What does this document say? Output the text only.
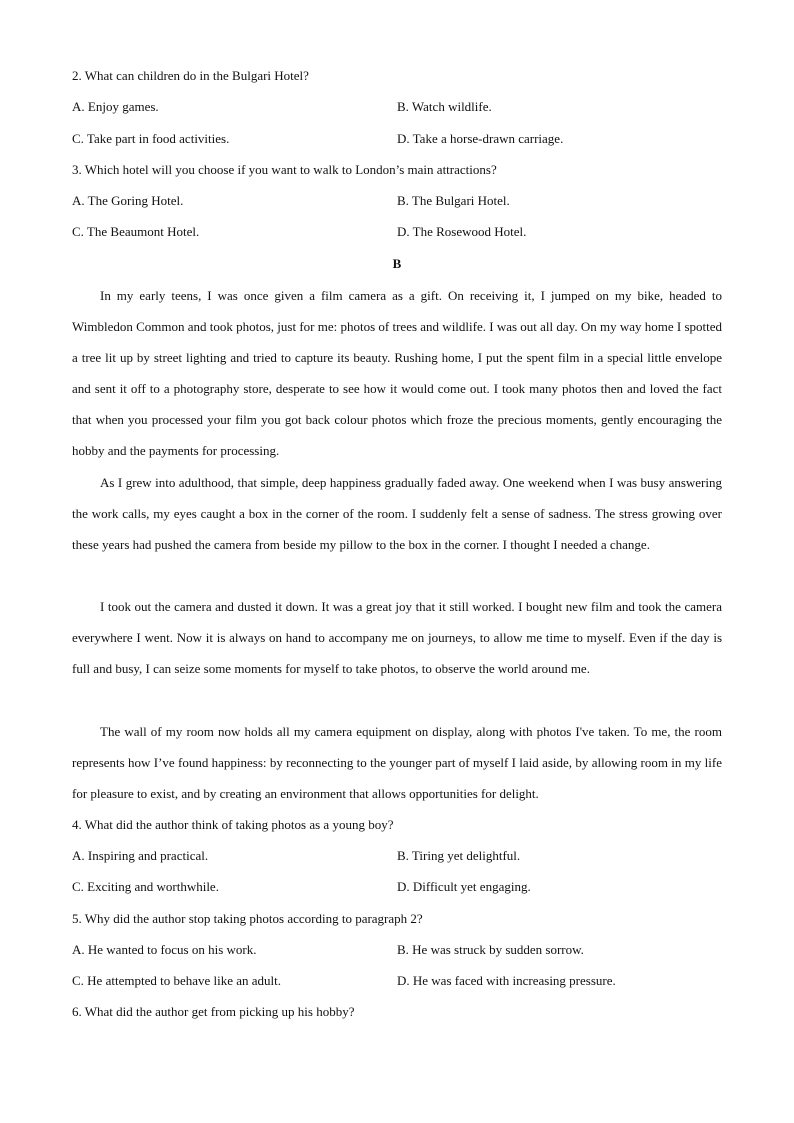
2. What can children do in the Bulgari Hotel?
A. Enjoy games.	B. Watch wildlife.
C. Take part in food activities.	D. Take a horse-drawn carriage.
3. Which hotel will you choose if you want to walk to London’s main attractions?
A. The Goring Hotel.	B. The Bulgari Hotel.
C. The Beaumont Hotel.	D. The Rosewood Hotel.
B

In my early teens, I was once given a film camera as a gift. On receiving it, I jumped on my bike, headed to Wimbledon Common and took photos, just for me: photos of trees and wildlife. I was out all day. On my way home I spotted a tree lit up by street lighting and tried to capture its beauty. Rushing home, I put the spent film in a special little envelope and sent it off to a photography store, desperate to see how it would come out. I took many photos then and loved the fact that when you processed your film you got back colour photos which froze the precious moments, gently encouraging the hobby and the payments for processing.

As I grew into adulthood, that simple, deep happiness gradually faded away. One weekend when I was busy answering the work calls, my eyes caught a box in the corner of the room. I suddenly felt a sense of sadness. The stress growing over these years had pushed the camera from beside my pillow to the box in the corner. I thought I needed a change.

I took out the camera and dusted it down. It was a great joy that it still worked. I bought new film and took the camera everywhere I went. Now it is always on hand to accompany me on journeys, to allow me time to myself. Even if the day is full and busy, I can seize some moments for myself to take photos, to observe the world around me.

The wall of my room now holds all my camera equipment on display, along with photos I've taken. To me, the room represents how I’ve found happiness: by reconnecting to the younger part of myself I laid aside, by allowing room in my life for pleasure to exist, and by creating an environment that allows opportunities for delight.

4. What did the author think of taking photos as a young boy?
A. Inspiring and practical.	B. Tiring yet delightful.
C. Exciting and worthwhile.	D. Difficult yet engaging.
5. Why did the author stop taking photos according to paragraph 2?
A. He wanted to focus on his work.	B. He was struck by sudden sorrow.
C. He attempted to behave like an adult.	D. He was faced with increasing pressure.
6. What did the author get from picking up his hobby?
